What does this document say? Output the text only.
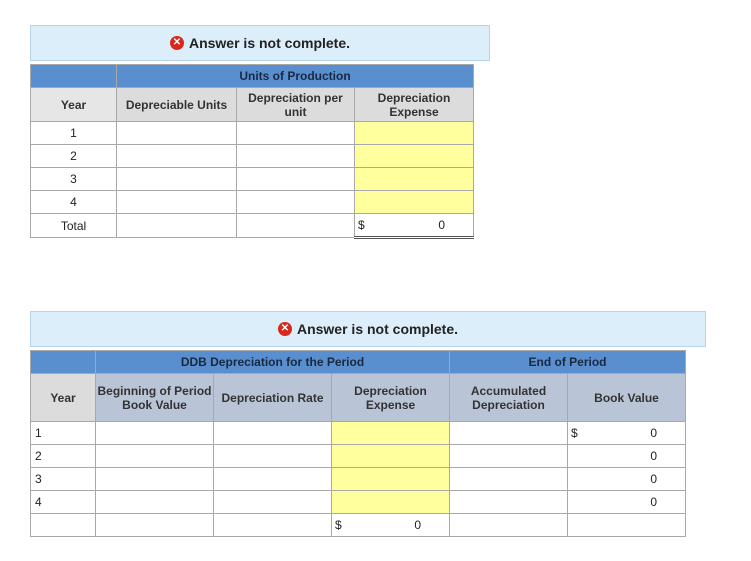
✕ Answer is not complete.
	Units of Production		
Year	Depreciable Units	Depreciation per unit	Depreciation Expense
1			
2			
3			
4			
Total			$ 0
✕ Answer is not complete.
	DDB Depreciation for the Period			End of Period	
Year	Beginning of Period Book Value	Depreciation Rate	Depreciation Expense	Accumulated Depreciation	Book Value
1					$ 0

2					0

3					0

4					0

			$ 0		
